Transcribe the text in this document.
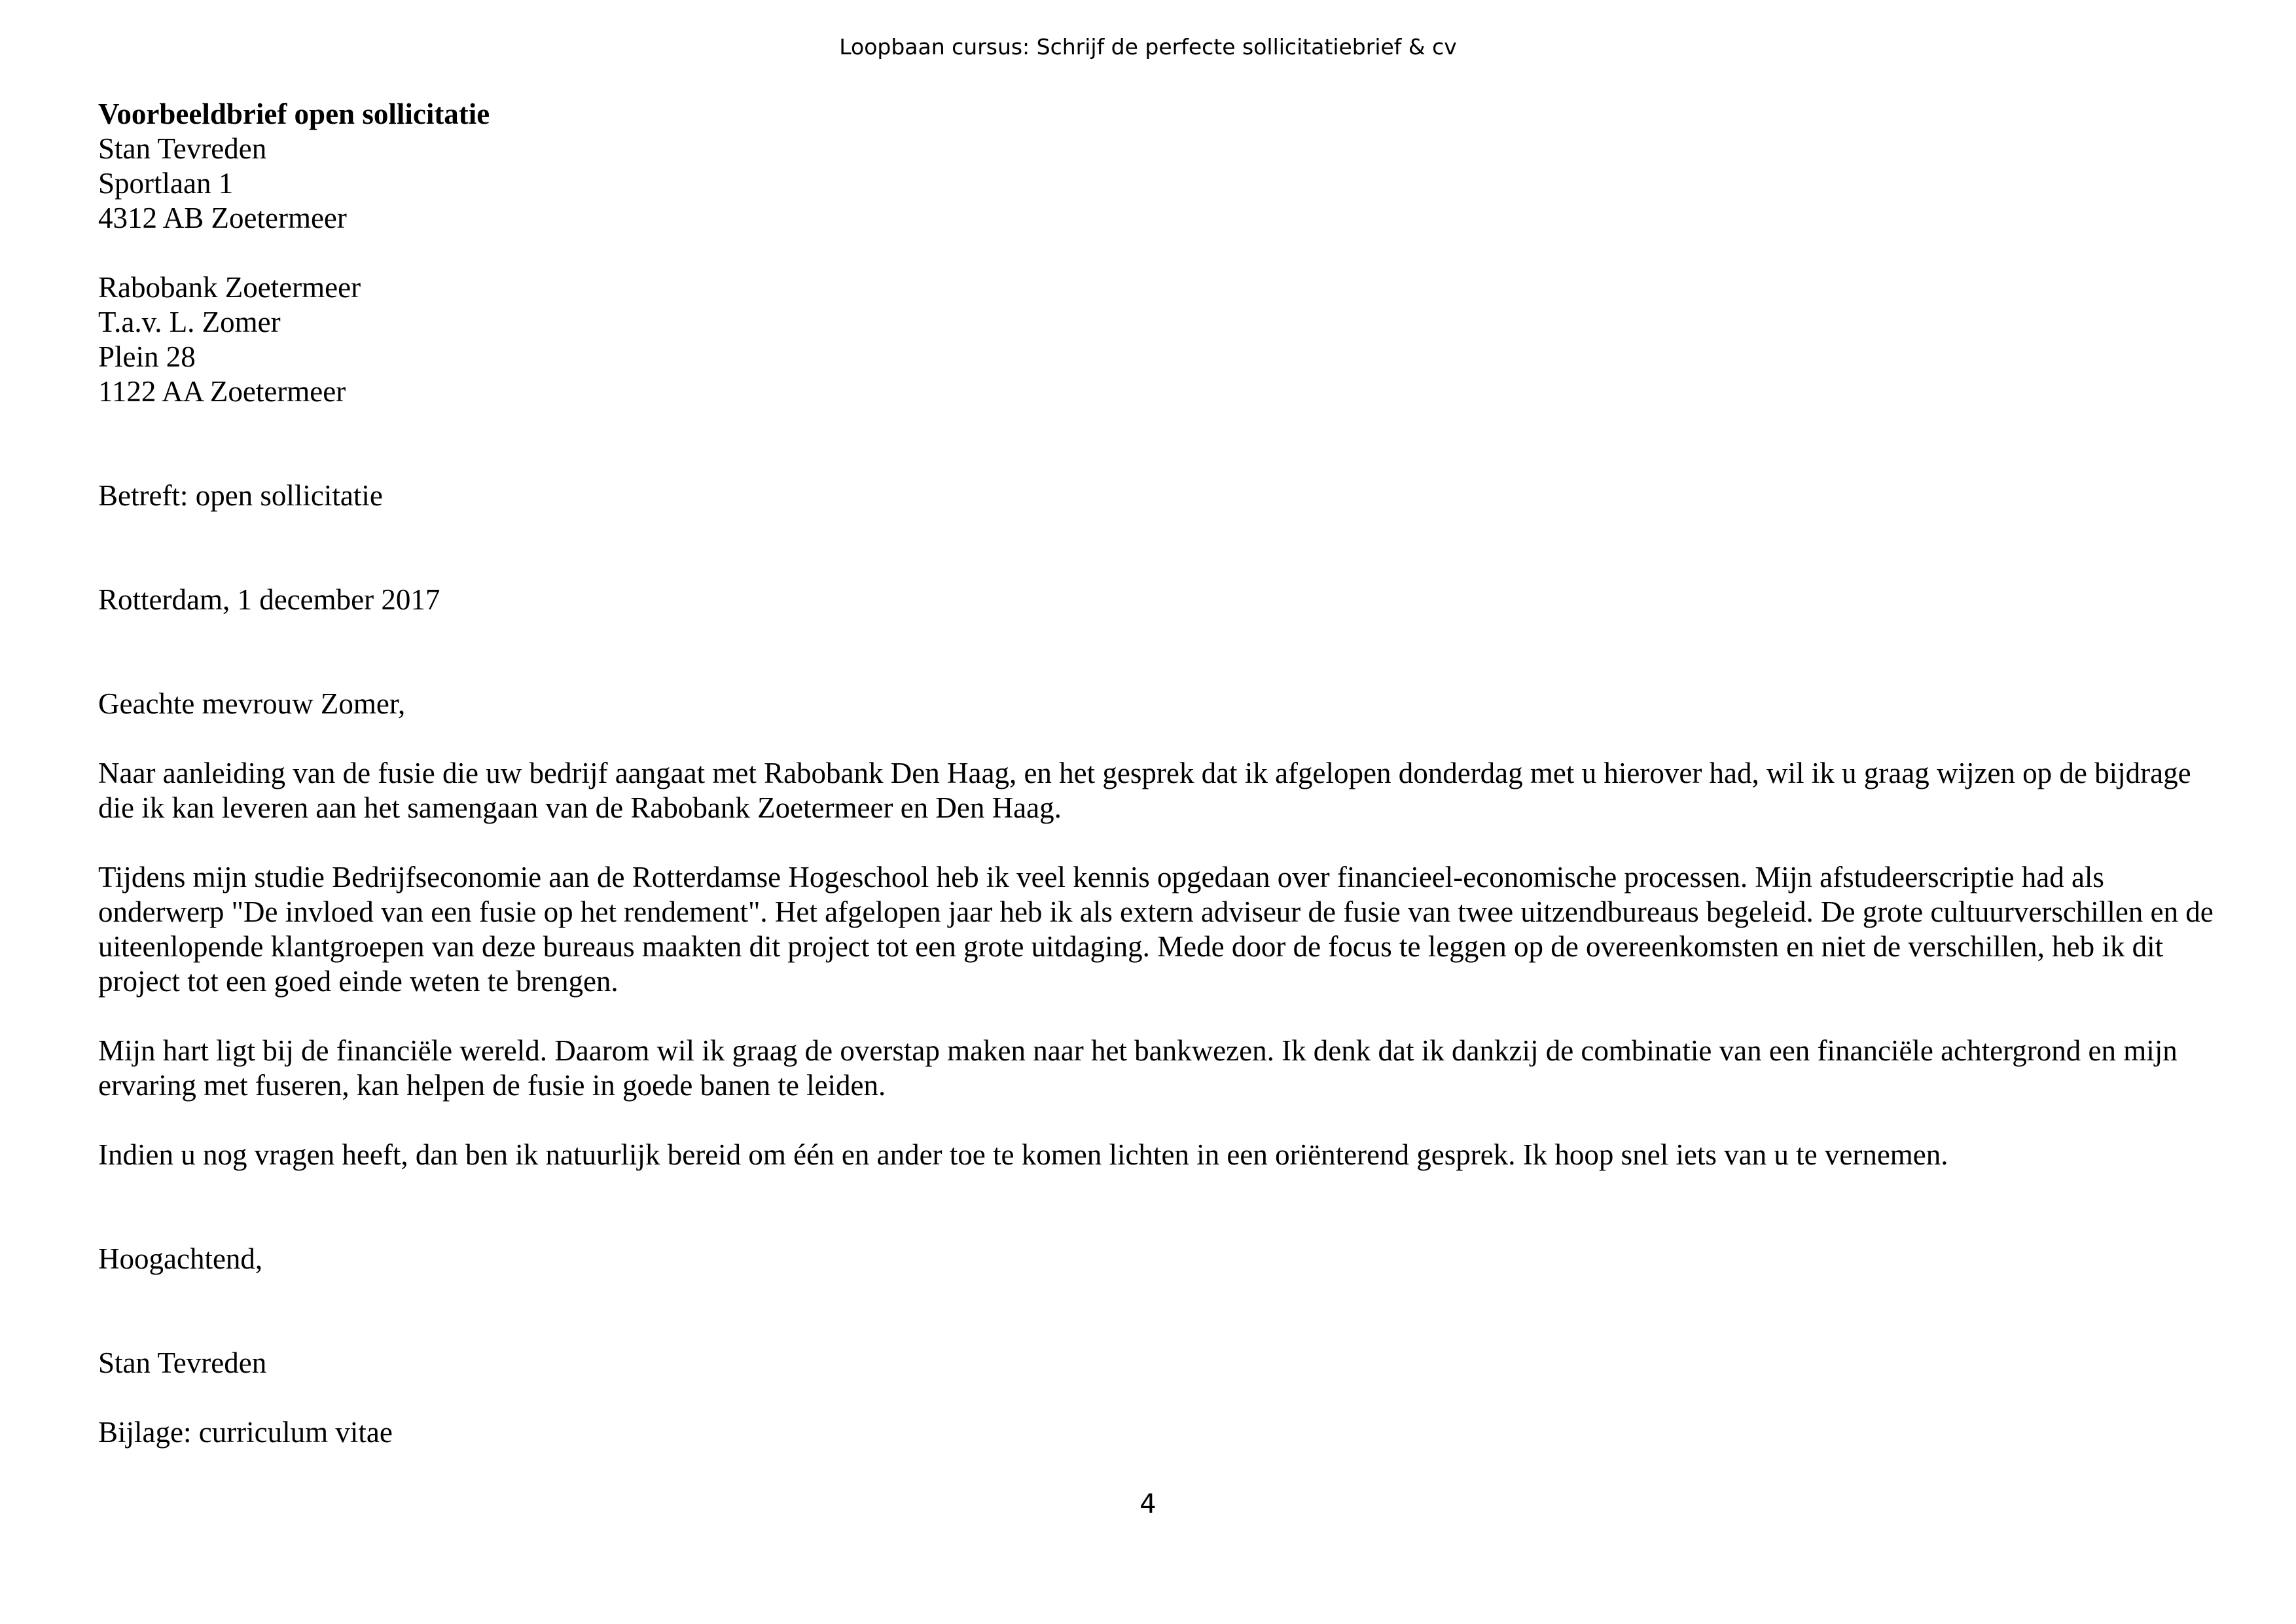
Loopbaan cursus: Schrijf de perfecte sollicitatiebrief & cv

Voorbeeldbrief open sollicitatie

Stan Tevreden

Sportlaan 1

4312 AB Zoetermeer

Rabobank Zoetermeer

T.a.v. L. Zomer

Plein 28

1122 AA Zoetermeer

Betreft: open sollicitatie

Rotterdam, 1 december 2017

Geachte mevrouw Zomer,

Naar aanleiding van de fusie die uw bedrijf aangaat met Rabobank Den Haag, en het gesprek dat ik afgelopen donderdag met u hierover had, wil ik u graag wijzen op de bijdrage die ik kan leveren aan het samengaan van de Rabobank Zoetermeer en Den Haag.

Tijdens mijn studie Bedrijfseconomie aan de Rotterdamse Hogeschool heb ik veel kennis opgedaan over financieel-economische processen. Mijn afstudeerscriptie had als onderwerp "De invloed van een fusie op het rendement". Het afgelopen jaar heb ik als extern adviseur de fusie van twee uitzendbureaus begeleid. De grote cultuurverschillen en de uiteenlopende klantgroepen van deze bureaus maakten dit project tot een grote uitdaging. Mede door de focus te leggen op de overeenkomsten en niet de verschillen, heb ik dit project tot een goed einde weten te brengen.

Mijn hart ligt bij de financiële wereld. Daarom wil ik graag de overstap maken naar het bankwezen. Ik denk dat ik dankzij de combinatie van een financiële achtergrond en mijn ervaring met fuseren, kan helpen de fusie in goede banen te leiden.

Indien u nog vragen heeft, dan ben ik natuurlijk bereid om één en ander toe te komen lichten in een oriënterend gesprek. Ik hoop snel iets van u te vernemen.

Hoogachtend,

Stan Tevreden

Bijlage: curriculum vitae

4
